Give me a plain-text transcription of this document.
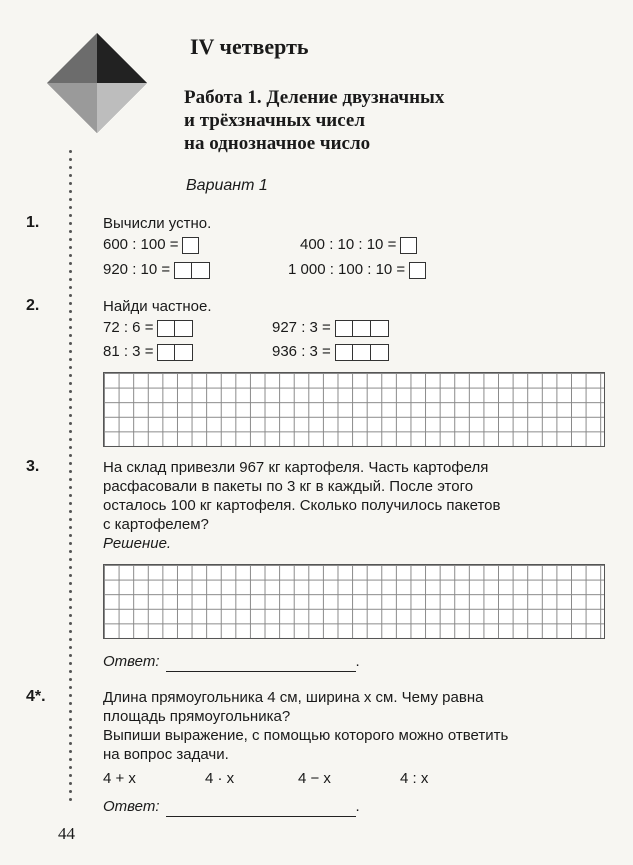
IV четверть
Работа 1. Деление двузначных
и трёхзначных чисел
на однозначное число
Вариант 1
1.	Вычисли устно.
600 : 100 =	400 : 10 : 10 =
920 : 10 =	1 000 : 100 : 10 =
2.	Найди частное.
72 : 6 =	927 : 3 =
81 : 3 =	936 : 3 =
3.	На склад привезли 967 кг картофеля. Часть картофеля
расфасовали в пакеты по 3 кг в каждый. После этого
осталось 100 кг картофеля. Сколько получилось пакетов
с картофелем?
Решение.
Ответ:	.
4*.	Длина прямоугольника 4 см, ширина x см. Чему равна
площадь прямоугольника?
Выпиши выражение, с помощью которого можно ответить
на вопрос задачи.
4 + x	4 · x	4 − x	4 : x
Ответ:	.
44
